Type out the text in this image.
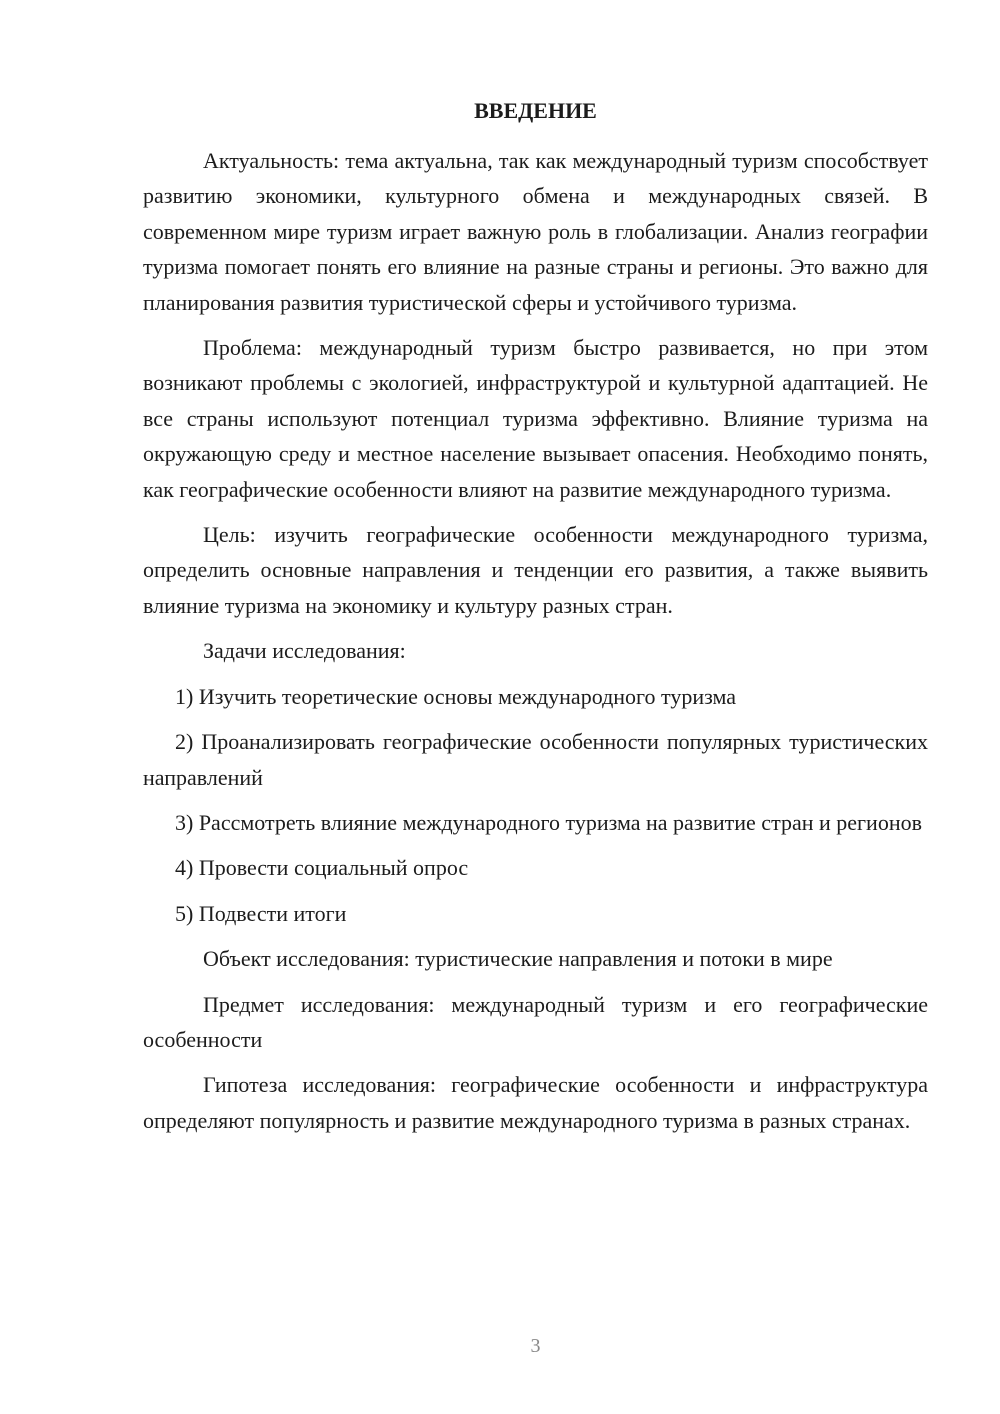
ВВЕДЕНИЕ

Актуальность: тема актуальна, так как международный туризм способствует развитию экономики, культурного обмена и международных связей. В современном мире туризм играет важную роль в глобализации. Анализ географии туризма помогает понять его влияние на разные страны и регионы. Это важно для планирования развития туристической сферы и устойчивого туризма.

Проблема: международный туризм быстро развивается, но при этом возникают проблемы с экологией, инфраструктурой и культурной адаптацией. Не все страны используют потенциал туризма эффективно. Влияние туризма на окружающую среду и местное население вызывает опасения. Необходимо понять, как географические особенности влияют на развитие международного туризма.

Цель: изучить географические особенности международного туризма, определить основные направления и тенденции его развития, а также выявить влияние туризма на экономику и культуру разных стран.

Задачи исследования:

1) Изучить теоретические основы международного туризма

2) Проанализировать географические особенности популярных туристических направлений

3) Рассмотреть влияние международного туризма на развитие стран и регионов

4) Провести социальный опрос

5) Подвести итоги

Объект исследования: туристические направления и потоки в мире

Предмет исследования: международный туризм и его географические особенности

Гипотеза исследования: географические особенности и инфраструктура определяют популярность и развитие международного туризма в разных странах.

3
